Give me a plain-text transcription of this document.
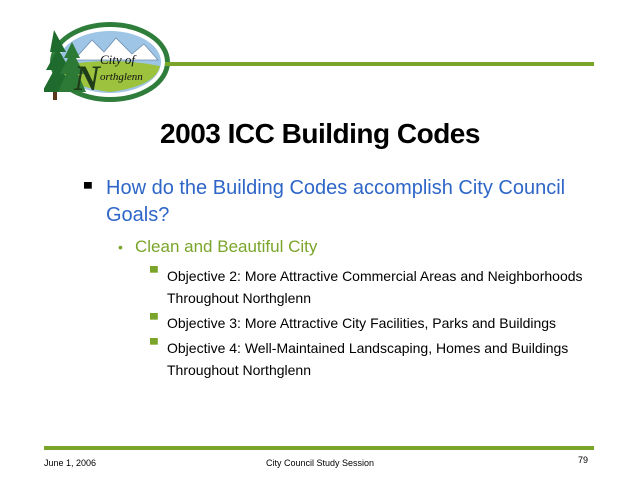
N City of
orthglenn
2003 ICC Building Codes
▀ How do the Building Codes accomplish City Council Goals?
• Clean and Beautiful City
▀ Objective 2: More Attractive Commercial Areas and Neighborhoods Throughout Northglenn
▀ Objective 3: More Attractive City Facilities, Parks and Buildings
▀ Objective 4: Well-Maintained Landscaping, Homes and Buildings Throughout Northglenn
June 1, 2006	City Council Study Session	79
